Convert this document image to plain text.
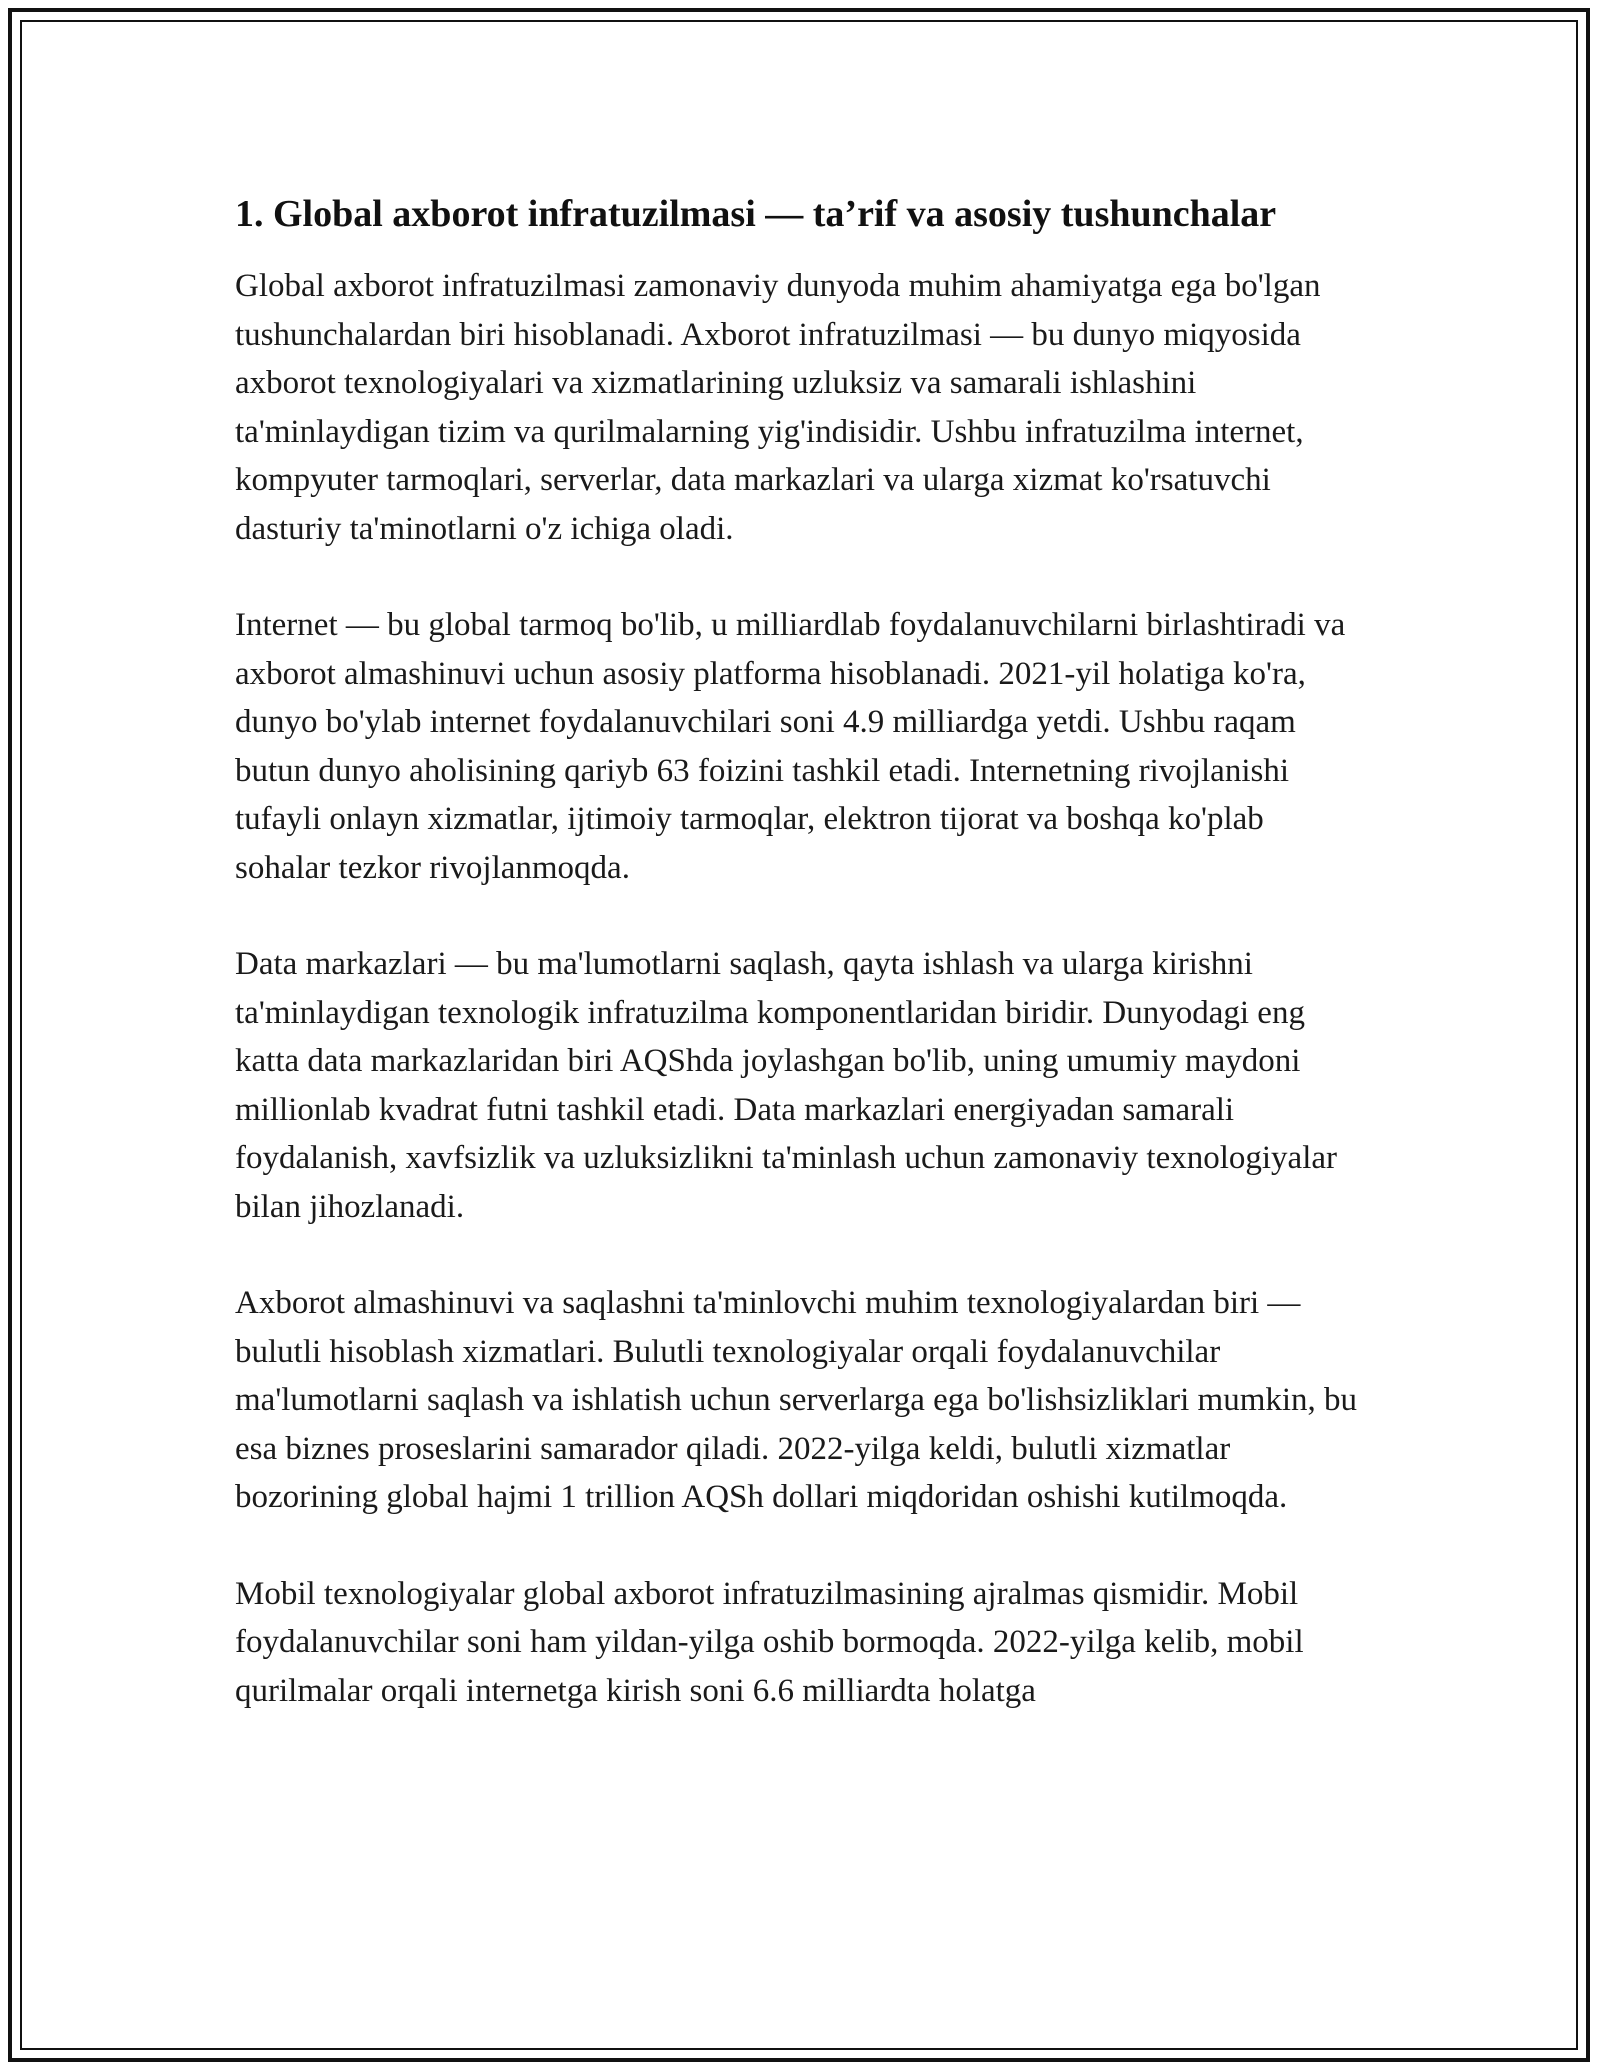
1. Global axborot infratuzilmasi — ta’rif va asosiy tushunchalar

Global axborot infratuzilmasi zamonaviy dunyoda muhim ahamiyatga ega bo'lgan tushunchalardan biri hisoblanadi. Axborot infratuzilmasi — bu dunyo miqyosida axborot texnologiyalari va xizmatlarining uzluksiz va samarali ishlashini ta'minlaydigan tizim va qurilmalarning yig'indisidir. Ushbu infratuzilma internet, kompyuter tarmoqlari, serverlar, data markazlari va ularga xizmat ko'rsatuvchi dasturiy ta'minotlarni o'z ichiga oladi.

Internet — bu global tarmoq bo'lib, u milliardlab foydalanuvchilarni birlashtiradi va axborot almashinuvi uchun asosiy platforma hisoblanadi. 2021-yil holatiga ko'ra, dunyo bo'ylab internet foydalanuvchilari soni 4.9 milliardga yetdi. Ushbu raqam butun dunyo aholisining qariyb 63 foizini tashkil etadi. Internetning rivojlanishi tufayli onlayn xizmatlar, ijtimoiy tarmoqlar, elektron tijorat va boshqa ko'plab sohalar tezkor rivojlanmoqda.

Data markazlari — bu ma'lumotlarni saqlash, qayta ishlash va ularga kirishni ta'minlaydigan texnologik infratuzilma komponentlaridan biridir. Dunyodagi eng katta data markazlaridan biri AQShda joylashgan bo'lib, uning umumiy maydoni millionlab kvadrat futni tashkil etadi. Data markazlari energiyadan samarali foydalanish, xavfsizlik va uzluksizlikni ta'minlash uchun zamonaviy texnologiyalar bilan jihozlanadi.

Axborot almashinuvi va saqlashni ta'minlovchi muhim texnologiyalardan biri — bulutli hisoblash xizmatlari. Bulutli texnologiyalar orqali foydalanuvchilar ma'lumotlarni saqlash va ishlatish uchun serverlarga ega bo'lishsizliklari mumkin, bu esa biznes proseslarini samarador qiladi. 2022-yilga keldi, bulutli xizmatlar bozorining global hajmi 1 trillion AQSh dollari miqdoridan oshishi kutilmoqda.

Mobil texnologiyalar global axborot infratuzilmasining ajralmas qismidir. Mobil foydalanuvchilar soni ham yildan-yilga oshib bormoqda. 2022-yilga kelib, mobil qurilmalar orqali internetga kirish soni 6.6 milliardta holatga
